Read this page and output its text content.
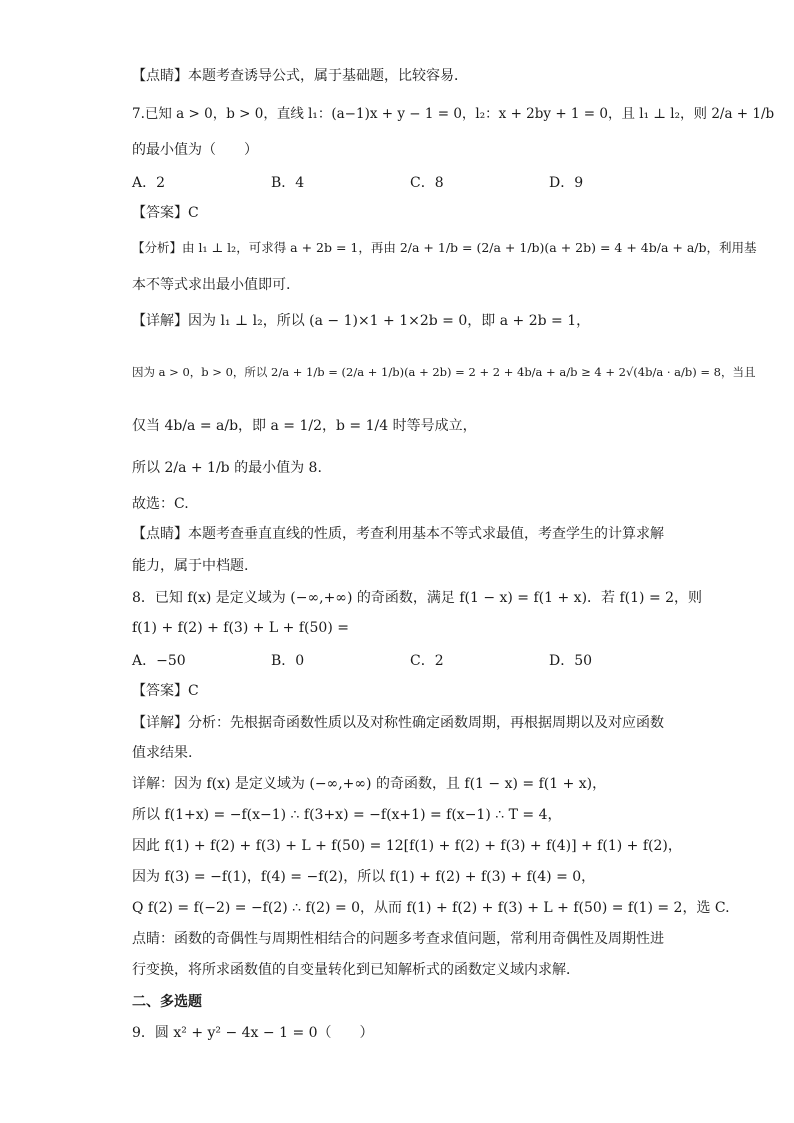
【点睛】本题考查诱导公式，属于基础题，比较容易．
7.已知 a > 0，b > 0，直线 l₁：(a−1)x + y − 1 = 0，l₂：x + 2by + 1 = 0，且 l₁ ⊥ l₂，则 2/a + 1/b
的最小值为（　　）
A．2	B．4	C．8	D．9
【答案】C
【分析】由 l₁ ⊥ l₂，可求得 a + 2b = 1，再由 2/a + 1/b = (2/a + 1/b)(a + 2b) = 4 + 4b/a + a/b，利用基
本不等式求出最小值即可.
【详解】因为 l₁ ⊥ l₂，所以 (a − 1)×1 + 1×2b = 0，即 a + 2b = 1，
因为 a > 0，b > 0，所以 2/a + 1/b = (2/a + 1/b)(a + 2b) = 2 + 2 + 4b/a + a/b ≥ 4 + 2√(4b/a · a/b) = 8，当且
仅当 4b/a = a/b，即 a = 1/2，b = 1/4 时等号成立，
所以 2/a + 1/b 的最小值为 8.
故选：C.
【点睛】本题考查垂直直线的性质，考查利用基本不等式求最值，考查学生的计算求解
能力，属于中档题.
8．已知 f(x) 是定义域为 (−∞,+∞) 的奇函数，满足 f(1 − x) = f(1 + x)．若 f(1) = 2，则
f(1) + f(2) + f(3) + L + f(50) =
A．−50	B．0	C．2	D．50
【答案】C
【详解】分析：先根据奇函数性质以及对称性确定函数周期，再根据周期以及对应函数
值求结果.
详解：因为 f(x) 是定义域为 (−∞,+∞) 的奇函数，且 f(1 − x) = f(1 + x)，
所以 f(1+x) = −f(x−1) ∴ f(3+x) = −f(x+1) = f(x−1) ∴ T = 4，
因此 f(1) + f(2) + f(3) + L + f(50) = 12[f(1) + f(2) + f(3) + f(4)] + f(1) + f(2)，
因为 f(3) = −f(1)，f(4) = −f(2)，所以 f(1) + f(2) + f(3) + f(4) = 0，
Q f(2) = f(−2) = −f(2) ∴ f(2) = 0，从而 f(1) + f(2) + f(3) + L + f(50) = f(1) = 2，选 C.
点睛：函数的奇偶性与周期性相结合的问题多考查求值问题，常利用奇偶性及周期性进
行变换，将所求函数值的自变量转化到已知解析式的函数定义域内求解．
二、多选题
9．圆 x² + y² − 4x − 1 = 0（　　）
